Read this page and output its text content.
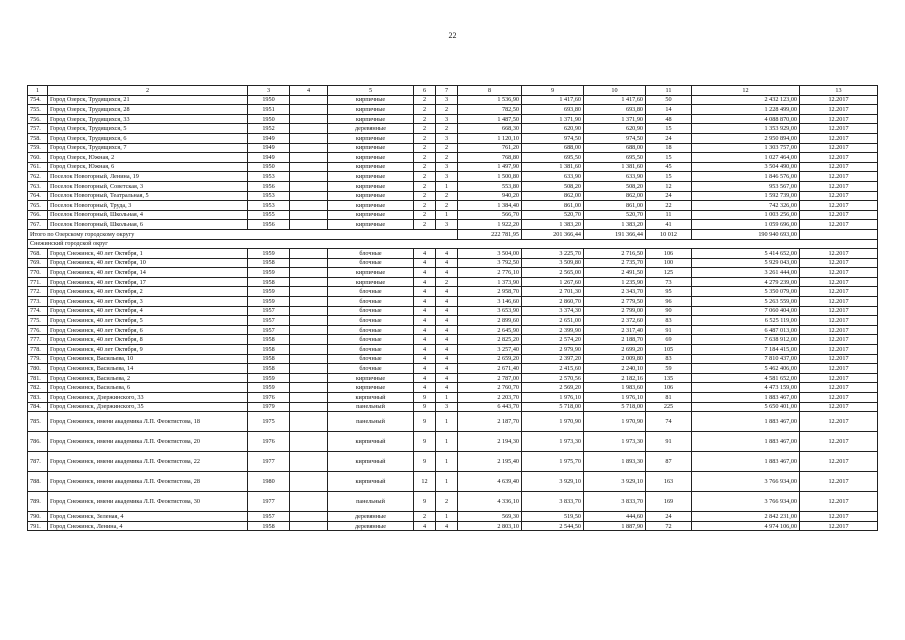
22
1	2	3	4	5	6	7	8	9	10	11	12	13
754.	Город Озерск, Трудящихся, 21	1950		кирпичные	2	3	1 536,90	1 417,60	1 417,60	50	2 432 123,00	12.2017
755.	Город Озерск, Трудящихся, 28	1951		кирпичные	2	2	782,50	693,80	693,80	14	1 228 499,00	12.2017
756.	Город Озерск, Трудящихся, 33	1950		кирпичные	2	3	1 487,50	1 371,90	1 371,90	48	4 088 870,00	12.2017
757.	Город Озерск, Трудящихся, 5	1952		деревянные	2	2	668,30	620,90	620,90	15	1 353 929,00	12.2017
758.	Город Озерск, Трудящихся, 6	1949		кирпичные	2	3	1 120,10	974,50	974,50	24	2 950 894,00	12.2017
759.	Город Озерск, Трудящихся, 7	1949		кирпичные	2	2	761,20	688,00	688,00	18	1 303 757,00	12.2017
760.	Город Озерск, Южная, 2	1949		кирпичные	2	2	768,80	695,50	695,50	15	1 027 464,00	12.2017
761.	Город Озерск, Южная, 6	1950		кирпичные	2	3	1 497,90	1 381,60	1 381,60	45	3 504 490,00	12.2017
762.	Поселок Новогорный, Ленина, 19	1953		кирпичные	2	3	1 500,80	633,90	633,90	15	1 846 576,00	12.2017
763.	Поселок Новогорный, Советская, 3	1956		кирпичные	2	1	553,80	508,20	508,20	12	953 567,00	12.2017
764.	Поселок Новогорный, Театральная, 5	1953		кирпичные	2	2	940,20	862,00	862,00	24	1 592 739,00	12.2017
765.	Поселок Новогорный, Труда, 3	1953		кирпичные	2	2	1 384,40	861,00	861,00	22	742 326,00	12.2017
766.	Поселок Новогорный, Школьная, 4	1955		кирпичные	2	1	566,70	520,70	520,70	11	1 003 256,00	12.2017
767.	Поселок Новогорный, Школьная, 6	1956		кирпичные	2	3	1 922,20	1 383,20	1 383,20	41	1 059 696,00	12.2017
Итого по Озерскому городскому округу							222 781,95	201 366,44	191 366,44	10 012	190 940 693,00	
Снежинский городской округ												
768.	Город Снежинск, 40 лет Октября, 1	1959		блочные	4	4	3 504,00	3 225,70	2 716,50	106	5 414 652,00	12.2017
769.	Город Снежинск, 40 лет Октября, 10	1958		блочные	4	4	3 792,50	3 509,80	2 735,70	100	5 929 043,00	12.2017
770.	Город Снежинск, 40 лет Октября, 14	1959		кирпичные	4	4	2 776,10	2 565,00	2 491,50	125	3 261 444,00	12.2017
771.	Город Снежинск, 40 лет Октября, 17	1958		кирпичные	4	2	1 373,90	1 267,60	1 235,90	73	4 279 239,00	12.2017
772.	Город Снежинск, 40 лет Октября, 2	1959		блочные	4	4	2 958,70	2 701,30	2 343,70	95	5 350 079,00	12.2017
773.	Город Снежинск, 40 лет Октября, 3	1959		блочные	4	4	3 146,60	2 860,70	2 779,50	96	5 263 559,00	12.2017
774.	Город Снежинск, 40 лет Октября, 4	1957		блочные	4	4	3 653,90	3 374,30	2 799,00	90	7 060 404,00	12.2017
775.	Город Снежинск, 40 лет Октября, 5	1957		блочные	4	4	2 899,60	2 651,00	2 372,60	83	6 525 119,00	12.2017
776.	Город Снежинск, 40 лет Октября, 6	1957		блочные	4	4	2 645,90	2 399,90	2 317,40	91	6 487 013,00	12.2017
777.	Город Снежинск, 40 лет Октября, 8	1958		блочные	4	4	2 825,20	2 574,20	2 188,70	69	7 638 912,00	12.2017
778.	Город Снежинск, 40 лет Октября, 9	1958		блочные	4	4	3 257,40	2 979,90	2 699,20	105	7 184 415,00	12.2017
779.	Город Снежинск, Васильева, 10	1958		блочные	4	4	2 659,20	2 397,20	2 009,80	83	7 810 437,00	12.2017
780.	Город Снежинск, Васильева, 14	1958		блочные	4	4	2 671,40	2 415,60	2 240,10	59	5 462 406,00	12.2017
781.	Город Снежинск, Васильева, 2	1959		кирпичные	4	4	2 787,00	2 570,56	2 182,16	135	4 581 652,00	12.2017
782.	Город Снежинск, Васильева, 6	1959		кирпичные	4	4	2 760,70	2 569,20	1 983,60	106	4 473 159,00	12.2017
783.	Город Снежинск, Дзержинского, 33	1976		кирпичный	9	1	2 203,70	1 976,10	1 976,10	81	1 883 467,00	12.2017
784.	Город Снежинск, Дзержинского, 35	1979		панельный	9	3	6 443,70	5 718,00	5 718,00	225	5 650 401,00	12.2017
785.	Город Снежинск, имени академика Л.П. Феоктистова, 18	1975		панельный	9	1	2 187,70	1 970,90	1 970,90	74	1 883 467,00	12.2017
786.	Город Снежинск, имени академика Л.П. Феоктистова, 20	1976		кирпичный	9	1	2 194,30	1 973,30	1 973,30	91	1 883 467,00	12.2017
787.	Город Снежинск, имени академика Л.П. Феоктистова, 22	1977		кирпичный	9	1	2 195,40	1 975,70	1 893,30	87	1 883 467,00	12.2017
788.	Город Снежинск, имени академика Л.П. Феоктистова, 28	1980		кирпичный	12	1	4 639,40	3 929,10	3 929,10	163	3 766 934,00	12.2017
789.	Город Снежинск, имени академика Л.П. Феоктистова, 30	1977		панельный	9	2	4 336,10	3 833,70	3 833,70	169	3 766 934,00	12.2017
790.	Город Снежинск, Зеленая, 4	1957		деревянные	2	1	569,30	519,50	444,60	24	2 842 231,00	12.2017
791.	Город Снежинск, Ленина, 4	1958		деревянные	4	4	2 803,10	2 544,50	1 887,90	72	4 974 106,00	12.2017
